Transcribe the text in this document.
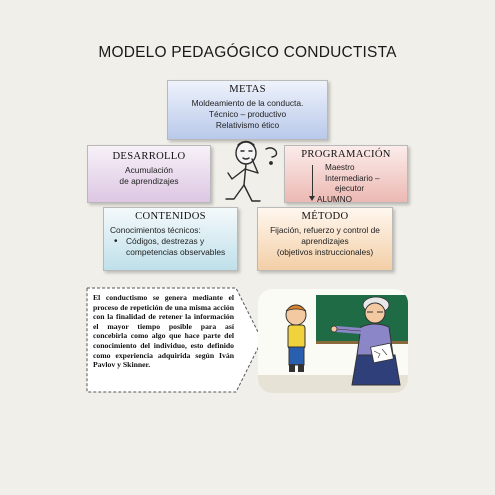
MODELO PEDAGÓGICO CONDUCTISTA
METAS
Moldeamiento de la conducta.
Técnico – productivo
Relativismo ético
DESARROLLO
Acumulación
de aprendizajes
PROGRAMACIÓN
Maestro
Intermediario –
ejecutor
ALUMNO
CONTENIDOS
Conocimientos técnicos:
• Códigos, destrezas y competencias observables
MÉTODO
Fijación, refuerzo y control de aprendizajes
(objetivos instruccionales)
El conductismo se genera mediante el proceso de repetición de una misma acción con la finalidad de retener la información el mayor tiempo posible para así concebirla como algo que hace parte del conocimiento del individuo, esto definido como experiencia adquirida según Iván Pavlov y Skinner.
